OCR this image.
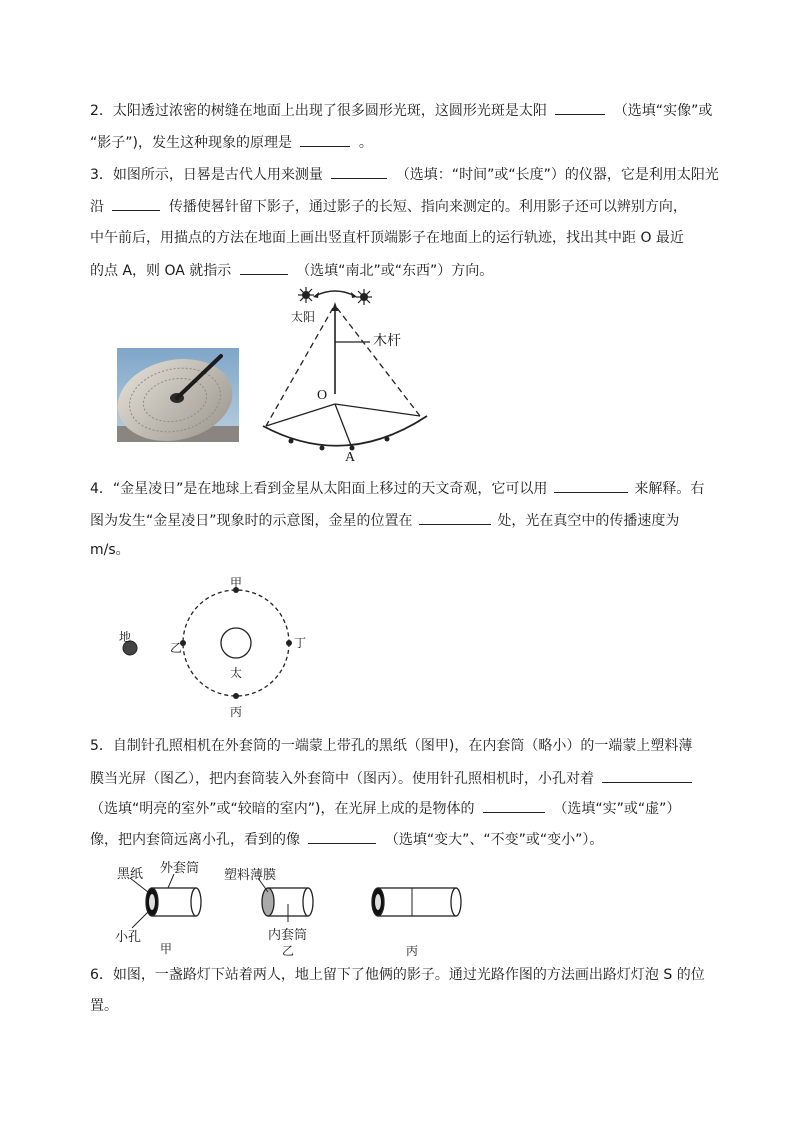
2．太阳透过浓密的树缝在地面上出现了很多圆形光斑，这圆形光斑是太阳	（选填“实像”或
“影子”)，发生这种现象的原理是	。
3．如图所示，日晷是古代人用来测量	（选填：“时间”或“长度”）的仪器，它是利用太阳光
沿	传播使晷针留下影子，通过影子的长短、指向来测定的。利用影子还可以辨别方向，
中午前后，用描点的方法在地面上画出竖直杆顶端影子在地面上的运行轨迹，找出其中距 O 最近
的点 A，则 OA 就指示	（选填“南北”或“东西”）方向。
太阳
木杆
O
A
4．“金星凌日”是在地球上看到金星从太阳面上移过的天文奇观，它可以用	来解释。右
图为发生“金星凌日”现象时的示意图，金星的位置在	处，光在真空中的传播速度为
m/s。
地
甲
乙
太
丁
丙
5．自制针孔照相机在外套筒的一端蒙上带孔的黑纸（图甲)，在内套筒（略小）的一端蒙上塑料薄
膜当光屏（图乙），把内套筒装入外套筒中（图丙）。使用针孔照相机时，小孔对着
（选填“明亮的室外”或“较暗的室内”)，在光屏上成的是物体的	（选填“实”或“虚”）
像，把内套筒远离小孔，看到的像	（选填“变大”、“不变”或“变小”）。
黑纸 外套筒
小孔
甲
塑料薄膜
内套筒
乙	丙
6．如图，一盏路灯下站着两人，地上留下了他俩的影子。通过光路作图的方法画出路灯灯泡 S 的位
置。
